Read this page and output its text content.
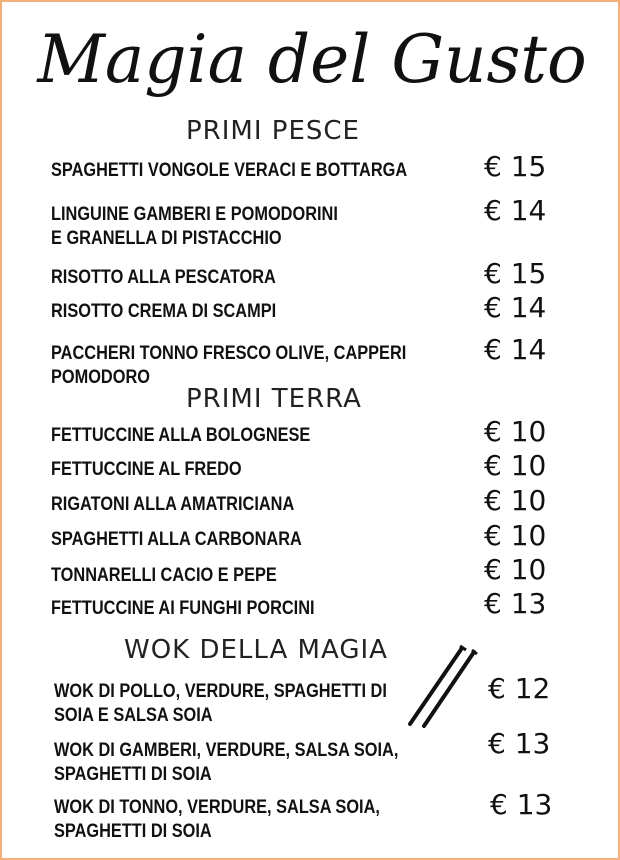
Magia del Gusto
PRIMI PESCE
SPAGHETTI VONGOLE VERACI E BOTTARGA	€ 15
LINGUINE GAMBERI E POMODORINI
E GRANELLA DI PISTACCHIO
€ 14
RISOTTO ALLA PESCATORA	€ 15
RISOTTO CREMA DI SCAMPI	€ 14
PACCHERI TONNO FRESCO OLIVE, CAPPERI
POMODORO
€ 14
PRIMI TERRA
FETTUCCINE ALLA BOLOGNESE	€ 10
FETTUCCINE AL FREDO	€ 10
RIGATONI ALLA AMATRICIANA	€ 10
SPAGHETTI ALLA CARBONARA	€ 10
TONNARELLI CACIO E PEPE	€ 10
FETTUCCINE AI FUNGHI PORCINI	€ 13
WOK DELLA MAGIA
WOK DI POLLO, VERDURE, SPAGHETTI DI
SOIA E SALSA SOIA
€ 12
WOK DI GAMBERI, VERDURE, SALSA SOIA,
SPAGHETTI DI SOIA
€ 13
WOK DI TONNO, VERDURE, SALSA SOIA,
SPAGHETTI DI SOIA
€ 13
